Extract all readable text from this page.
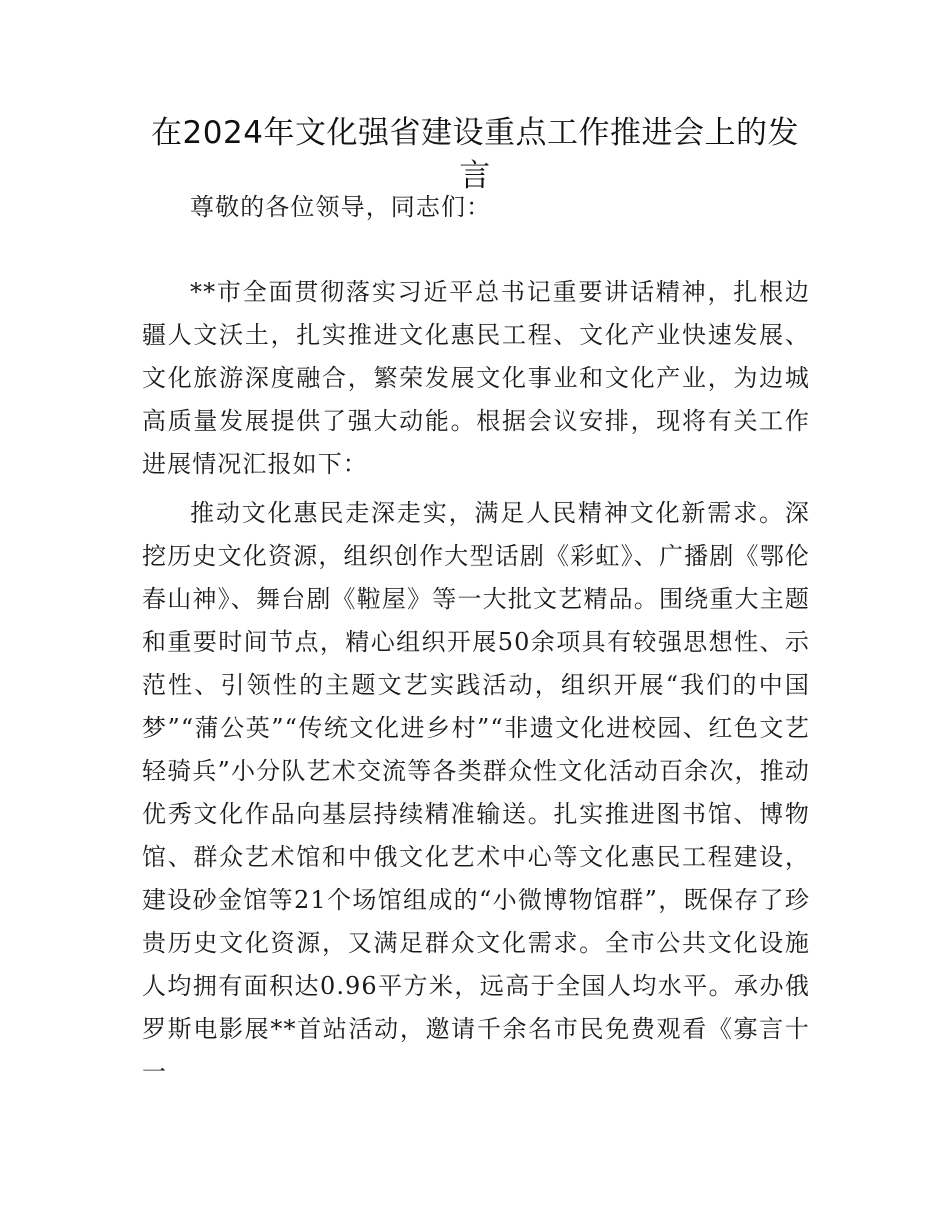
在2024年文化强省建设重点工作推进会上的发言

尊敬的各位领导，同志们：

**市全面贯彻落实习近平总书记重要讲话精神，扎根边疆人文沃土，扎实推进文化惠民工程、文化产业快速发展、文化旅游深度融合，繁荣发展文化事业和文化产业，为边城高质量发展提供了强大动能。根据会议安排，现将有关工作进展情况汇报如下：

推动文化惠民走深走实，满足人民精神文化新需求。深挖历史文化资源，组织创作大型话剧《彩虹》、广播剧《鄂伦春山神》、舞台剧《鞡屋》等一大批文艺精品。围绕重大主题和重要时间节点，精心组织开展50余项具有较强思想性、示范性、引领性的主题文艺实践活动，组织开展“我们的中国梦”“蒲公英”“传统文化进乡村”“非遗文化进校园、红色文艺轻骑兵”小分队艺术交流等各类群众性文化活动百余次，推动优秀文化作品向基层持续精准输送。扎实推进图书馆、博物馆、群众艺术馆和中俄文化艺术中心等文化惠民工程建设，建设砂金馆等21个场馆组成的“小微博物馆群”，既保存了珍贵历史文化资源，又满足群众文化需求。全市公共文化设施人均拥有面积达0.96平方米，远高于全国人均水平。承办俄罗斯电影展**首站活动，邀请千余名市民免费观看《寡言十一
